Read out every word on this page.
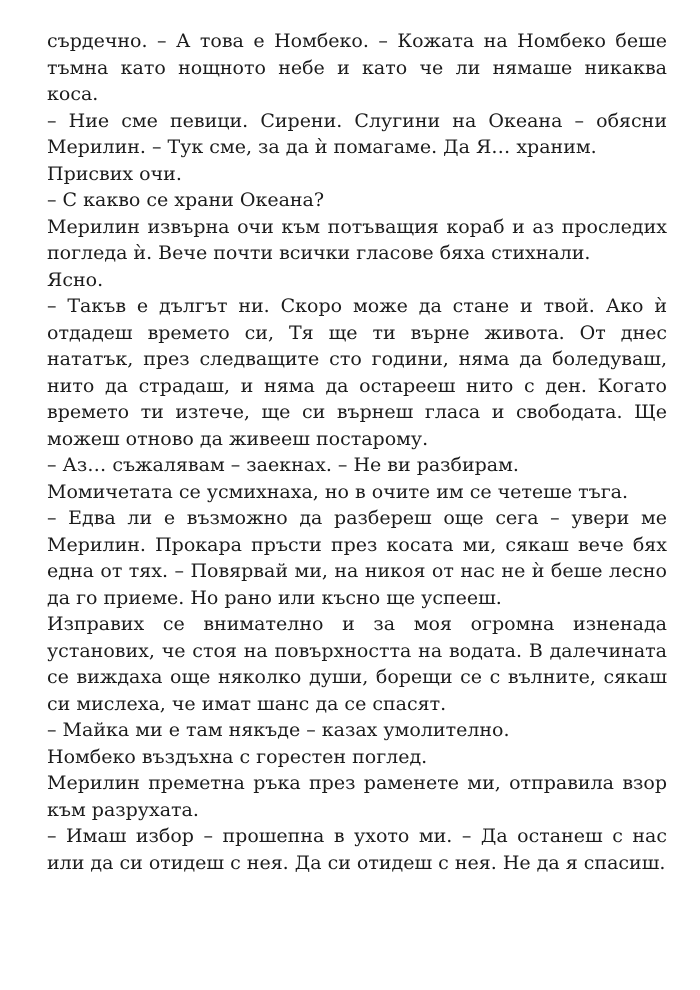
сърдечно. – А това е Номбеко. – Кожата на Номбеко беше тъмна като нощното небе и като че ли нямаше никаква коса.

– Ние сме певици. Сирени. Слугини на Океана – обясни Мерилин. – Тук сме, за да ѝ помагаме. Да Я… храним.

Присвих очи.

– С какво се храни Океана?

Мерилин извърна очи към потъващия кораб и аз проследих погледа ѝ. Вече почти всички гласове бяха стихнали.

Ясно.

– Такъв е дългът ни. Скоро може да стане и твой. Ако ѝ отдадеш времето си, Тя ще ти върне живота. От днес нататък, през следващите сто години, няма да боледуваш, нито да страдаш, и няма да остарееш нито с ден. Когато времето ти изтече, ще си върнеш гласа и свободата. Ще можеш отново да живееш постарому.

– Аз… съжалявам – заекнах. – Не ви разбирам.

Момичетата се усмихнаха, но в очите им се четеше тъга.

– Едва ли е възможно да разбереш още сега – увери ме Мерилин. Прокара пръсти през косата ми, сякаш вече бях една от тях. – Повярвай ми, на никоя от нас не ѝ беше лесно да го приеме. Но рано или късно ще успееш.

Изправих се внимателно и за моя огромна изненада установих, че стоя на повърхността на водата. В далечината се виждаха още няколко души, борещи се с вълните, сякаш си мислеха, че имат шанс да се спасят.

– Майка ми е там някъде – казах умолително.

Номбеко въздъхна с горестен поглед.

Мерилин преметна ръка през раменете ми, отправила взор към разрухата.

– Имаш избор – прошепна в ухото ми. – Да останеш с нас или да си отидеш с нея. Да си отидеш с нея. Не да я спасиш.
